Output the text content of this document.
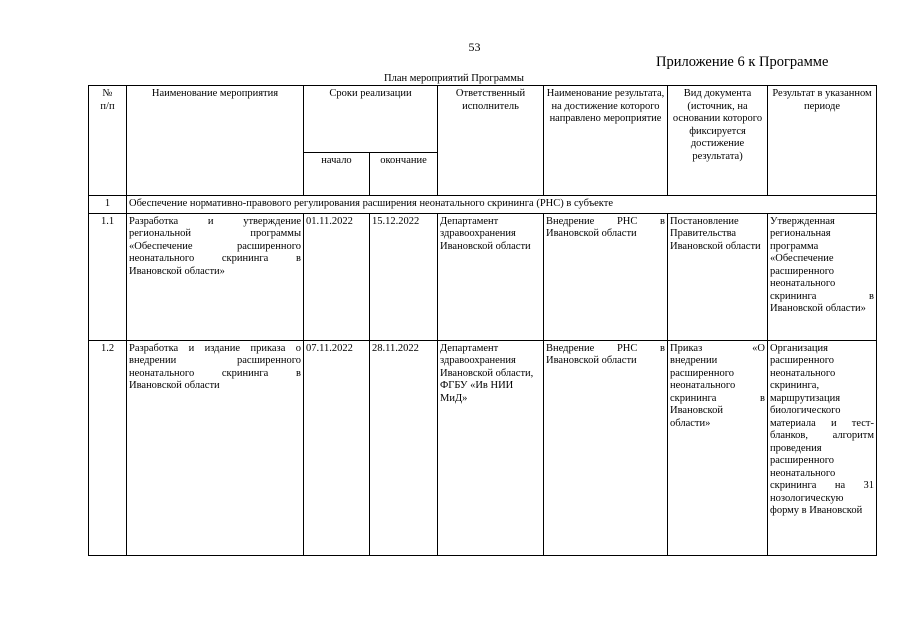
53
Приложение 6 к Программе
План мероприятий Программы
№
п/п	Наименование мероприятия	Сроки реализации		Ответственный исполнитель	Наименование результата, на достижение которого направлено мероприятие	Вид документа (источник, на основании которого фиксируется достижение результата)	Результат в указанном периоде
		начало	окончание				
1	Обеспечение нормативно-правового регулирования расширения неонатального скрининга (РНС) в субъекте						
1.1	Разработка и утверждение региональной программы «Обеспечение расширенного неонатального скрининга в Ивановской области»	01.11.2022	15.12.2022	Департамент здравоохранения Ивановской области	Внедрение РНС в Ивановской области	Постановление Правительства Ивановской области	Утвержденная региональная программа «Обеспечение расширенного неонатального скрининга в Ивановской области»
1.2	Разработка и издание приказа о внедрении расширенного неонатального скрининга в Ивановской области	07.11.2022	28.11.2022	Департамент здравоохранения Ивановской области, ФГБУ «Ив НИИ МиД»	Внедрение РНС в Ивановской области	Приказ «О внедрении расширенного неонатального скрининга в Ивановской области»	Организация расширенного неонатального скрининга, маршрутизация биологического материала и тест-бланков, алгоритм проведения расширенного неонатального скрининга на 31 нозологическую форму в Ивановской
